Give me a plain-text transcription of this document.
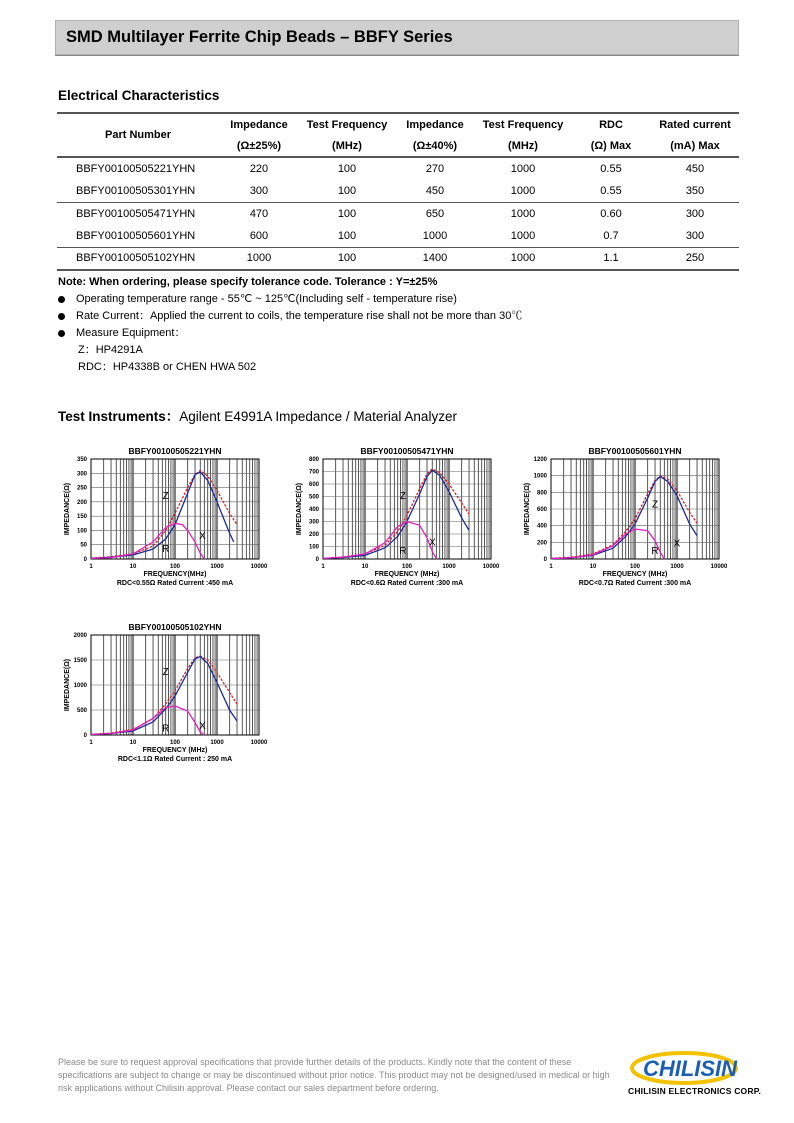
SMD Multilayer Ferrite Chip Beads – BBFY Series
Electrical Characteristics
Part Number	Impedance	Test Frequency	Impedance	Test Frequency	RDC	Rated current
	(Ω±25%)	(MHz)	(Ω±40%)	(MHz)	(Ω) Max	(mA) Max
BBFY00100505221YHN	220	100	270	1000	0.55	450
BBFY00100505301YHN	300	100	450	1000	0.55	350
BBFY00100505471YHN	470	100	650	1000	0.60	300
BBFY00100505601YHN	600	100	1000	1000	0.7	300
BBFY00100505102YHN	1000	100	1400	1000	1.1	250
Note: When ordering, please specify tolerance code. Tolerance : Y=±25%
Operating temperature range - 55℃ ~ 125℃(Including self - temperature rise)
Rate Current：Applied the current to coils, the temperature rise shall not be more than 30℃
Measure Equipment：
Z：HP4291A
RDC：HP4338B or CHEN HWA 502
Test Instruments：Agilent E4991A Impedance / Material Analyzer
BBFY00100505221YHN
0
50
100
150
200
250
300
350
1	10	100	1000	10000
Z
X
R
IMPEDANCE(Ω)
FREQUENCY(MHz)
RDC<0.55Ω Rated Current :450 mA
BBFY00100505471YHN
0
100
200
300
400
500
600
700
800
1	10	100	1000	10000
Z
X
R
IMPEDANCE(Ω)
FREQUENCY (MHz)
RDC<0.6Ω Rated Current :300 mA
BBFY00100505601YHN
0
200
400
600
800
1000
1200
1	10	100	1000	10000
Z
X
R
IMPEDANCE(Ω)
FREQUENCY (MHz)
RDC<0.7Ω Rated Current :300 mA
BBFY00100505102YHN
0
500
1000
1500
2000
1	10	100	1000	10000
Z
X
R
IMPEDANCE(Ω)
FREQUENCY (MHz)
RDC<1.1Ω Rated Current : 250 mA
Please be sure to request approval specifications that provide further details of the products. Kindly note that the content of these specifications are subject to change or may be discontinued without prior notice. This product may not be designed/used in medical or high risk applications without Chilisin approval. Please contact our sales department before ordering.
CHILISIN
CHILISIN ELECTRONICS CORP.
